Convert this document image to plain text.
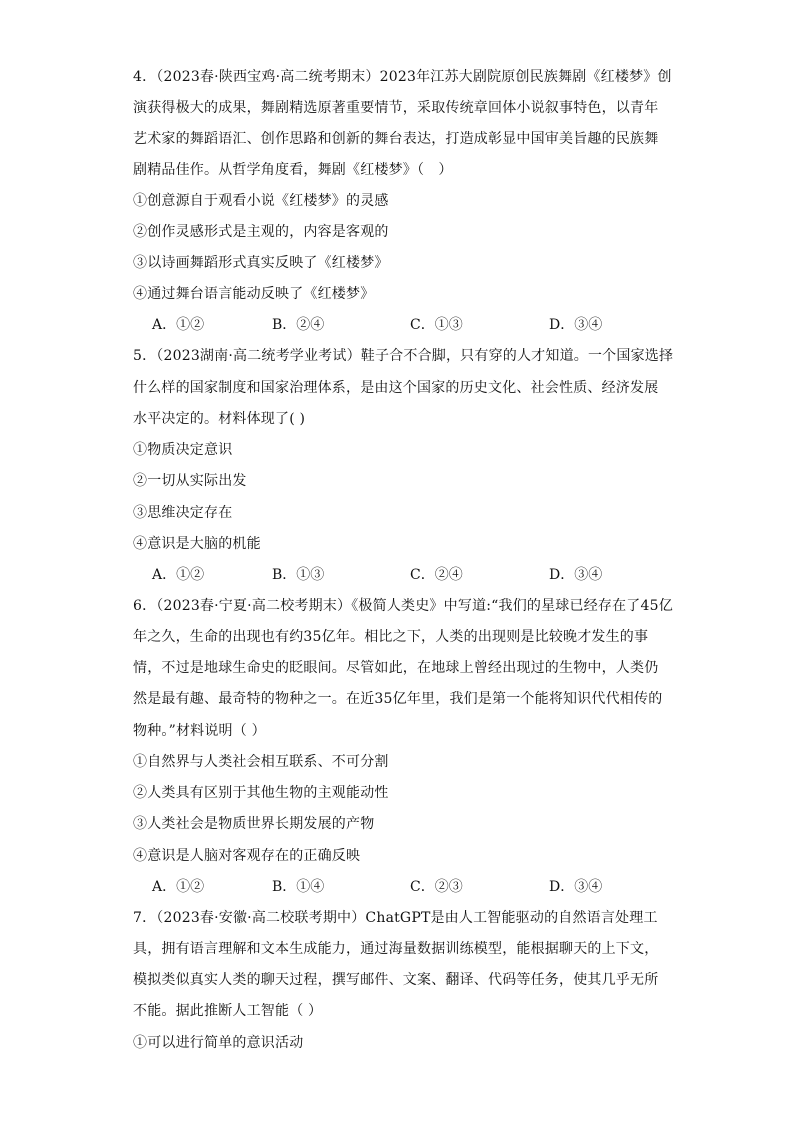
4．（2023春·陕西宝鸡·高二统考期末）2023年江苏大剧院原创民族舞剧《红楼梦》创
演获得极大的成果，舞剧精选原著重要情节，采取传统章回体小说叙事特色，以青年
艺术家的舞蹈语汇、创作思路和创新的舞台表达，打造成彰显中国审美旨趣的民族舞
剧精品佳作。从哲学角度看，舞剧《红楼梦》（　）
①创意源自于观看小说《红楼梦》的灵感
②创作灵感形式是主观的，内容是客观的
③以诗画舞蹈形式真实反映了《红楼梦》
④通过舞台语言能动反映了《红楼梦》
A．①②	B．②④	C．①③	D．③④
5．（2023湖南·高二统考学业考试）鞋子合不合脚，只有穿的人才知道。一个国家选择
什么样的国家制度和国家治理体系，是由这个国家的历史文化、社会性质、经济发展
水平决定的。材料体现了( )
①物质决定意识
②一切从实际出发
③思维决定存在
④意识是大脑的机能
A．①②	B．①③	C．②④	D．③④
6．（2023春·宁夏·高二校考期末）《极简人类史》中写道:“我们的星球已经存在了45亿
年之久，生命的出现也有约35亿年。相比之下，人类的出现则是比较晚才发生的事
情，不过是地球生命史的眨眼间。尽管如此，在地球上曾经出现过的生物中，人类仍
然是最有趣、最奇特的物种之一。在近35亿年里，我们是第一个能将知识代代相传的
物种。”材料说明（ ）
①自然界与人类社会相互联系、不可分割
②人类具有区别于其他生物的主观能动性
③人类社会是物质世界长期发展的产物
④意识是人脑对客观存在的正确反映
A．①②	B．①④	C．②③	D．③④
7．（2023春·安徽·高二校联考期中）ChatGPT是由人工智能驱动的自然语言处理工
具，拥有语言理解和文本生成能力，通过海量数据训练模型，能根据聊天的上下文，
模拟类似真实人类的聊天过程，撰写邮件、文案、翻译、代码等任务，使其几乎无所
不能。据此推断人工智能（ ）
①可以进行简单的意识活动
